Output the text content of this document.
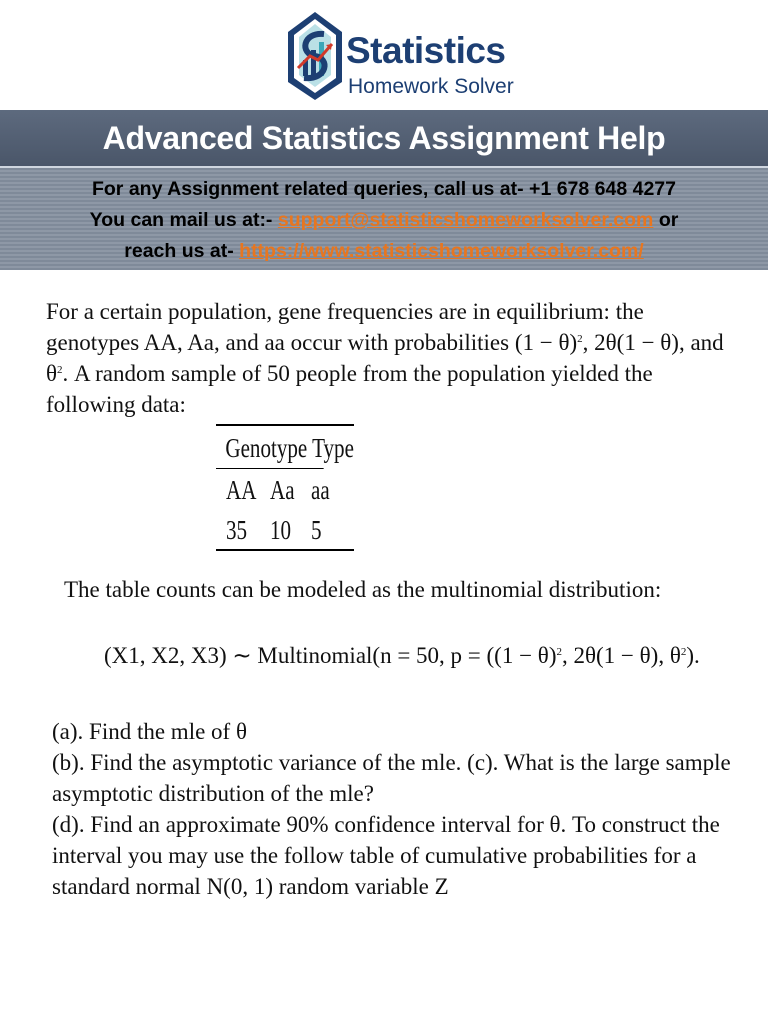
Statistics
Homework Solver
Advanced Statistics Assignment Help
For any Assignment related queries, call us at- +1 678 648 4277
You can mail us at:- support@statisticshomeworksolver.com or
reach us at- https://www.statisticshomeworksolver.com/

For a certain population, gene frequencies are in equilibrium: the genotypes AA, Aa, and aa occur with probabilities $(1 - \theta)^2$, 2θ(1 − θ), and $\theta^2$. A random sample of 50 people from the population yielded the following data:

Genotype Type
AA Aa aa
35 10 5

The table counts can be modeled as the multinomial distribution:

(X1, X2, X3) ∼ Multinomial(n = 50, $p = ((1 - \theta)^2$, 2θ(1 − θ), $\theta^2$).

(a). Find the mle of θ
(b). Find the asymptotic variance of the mle. (c). What is the large sample asymptotic distribution of the mle?
(d). Find an approximate 90% confidence interval for θ. To construct the interval you may use the follow table of cumulative probabilities for a standard normal N(0, 1) random variable Z
